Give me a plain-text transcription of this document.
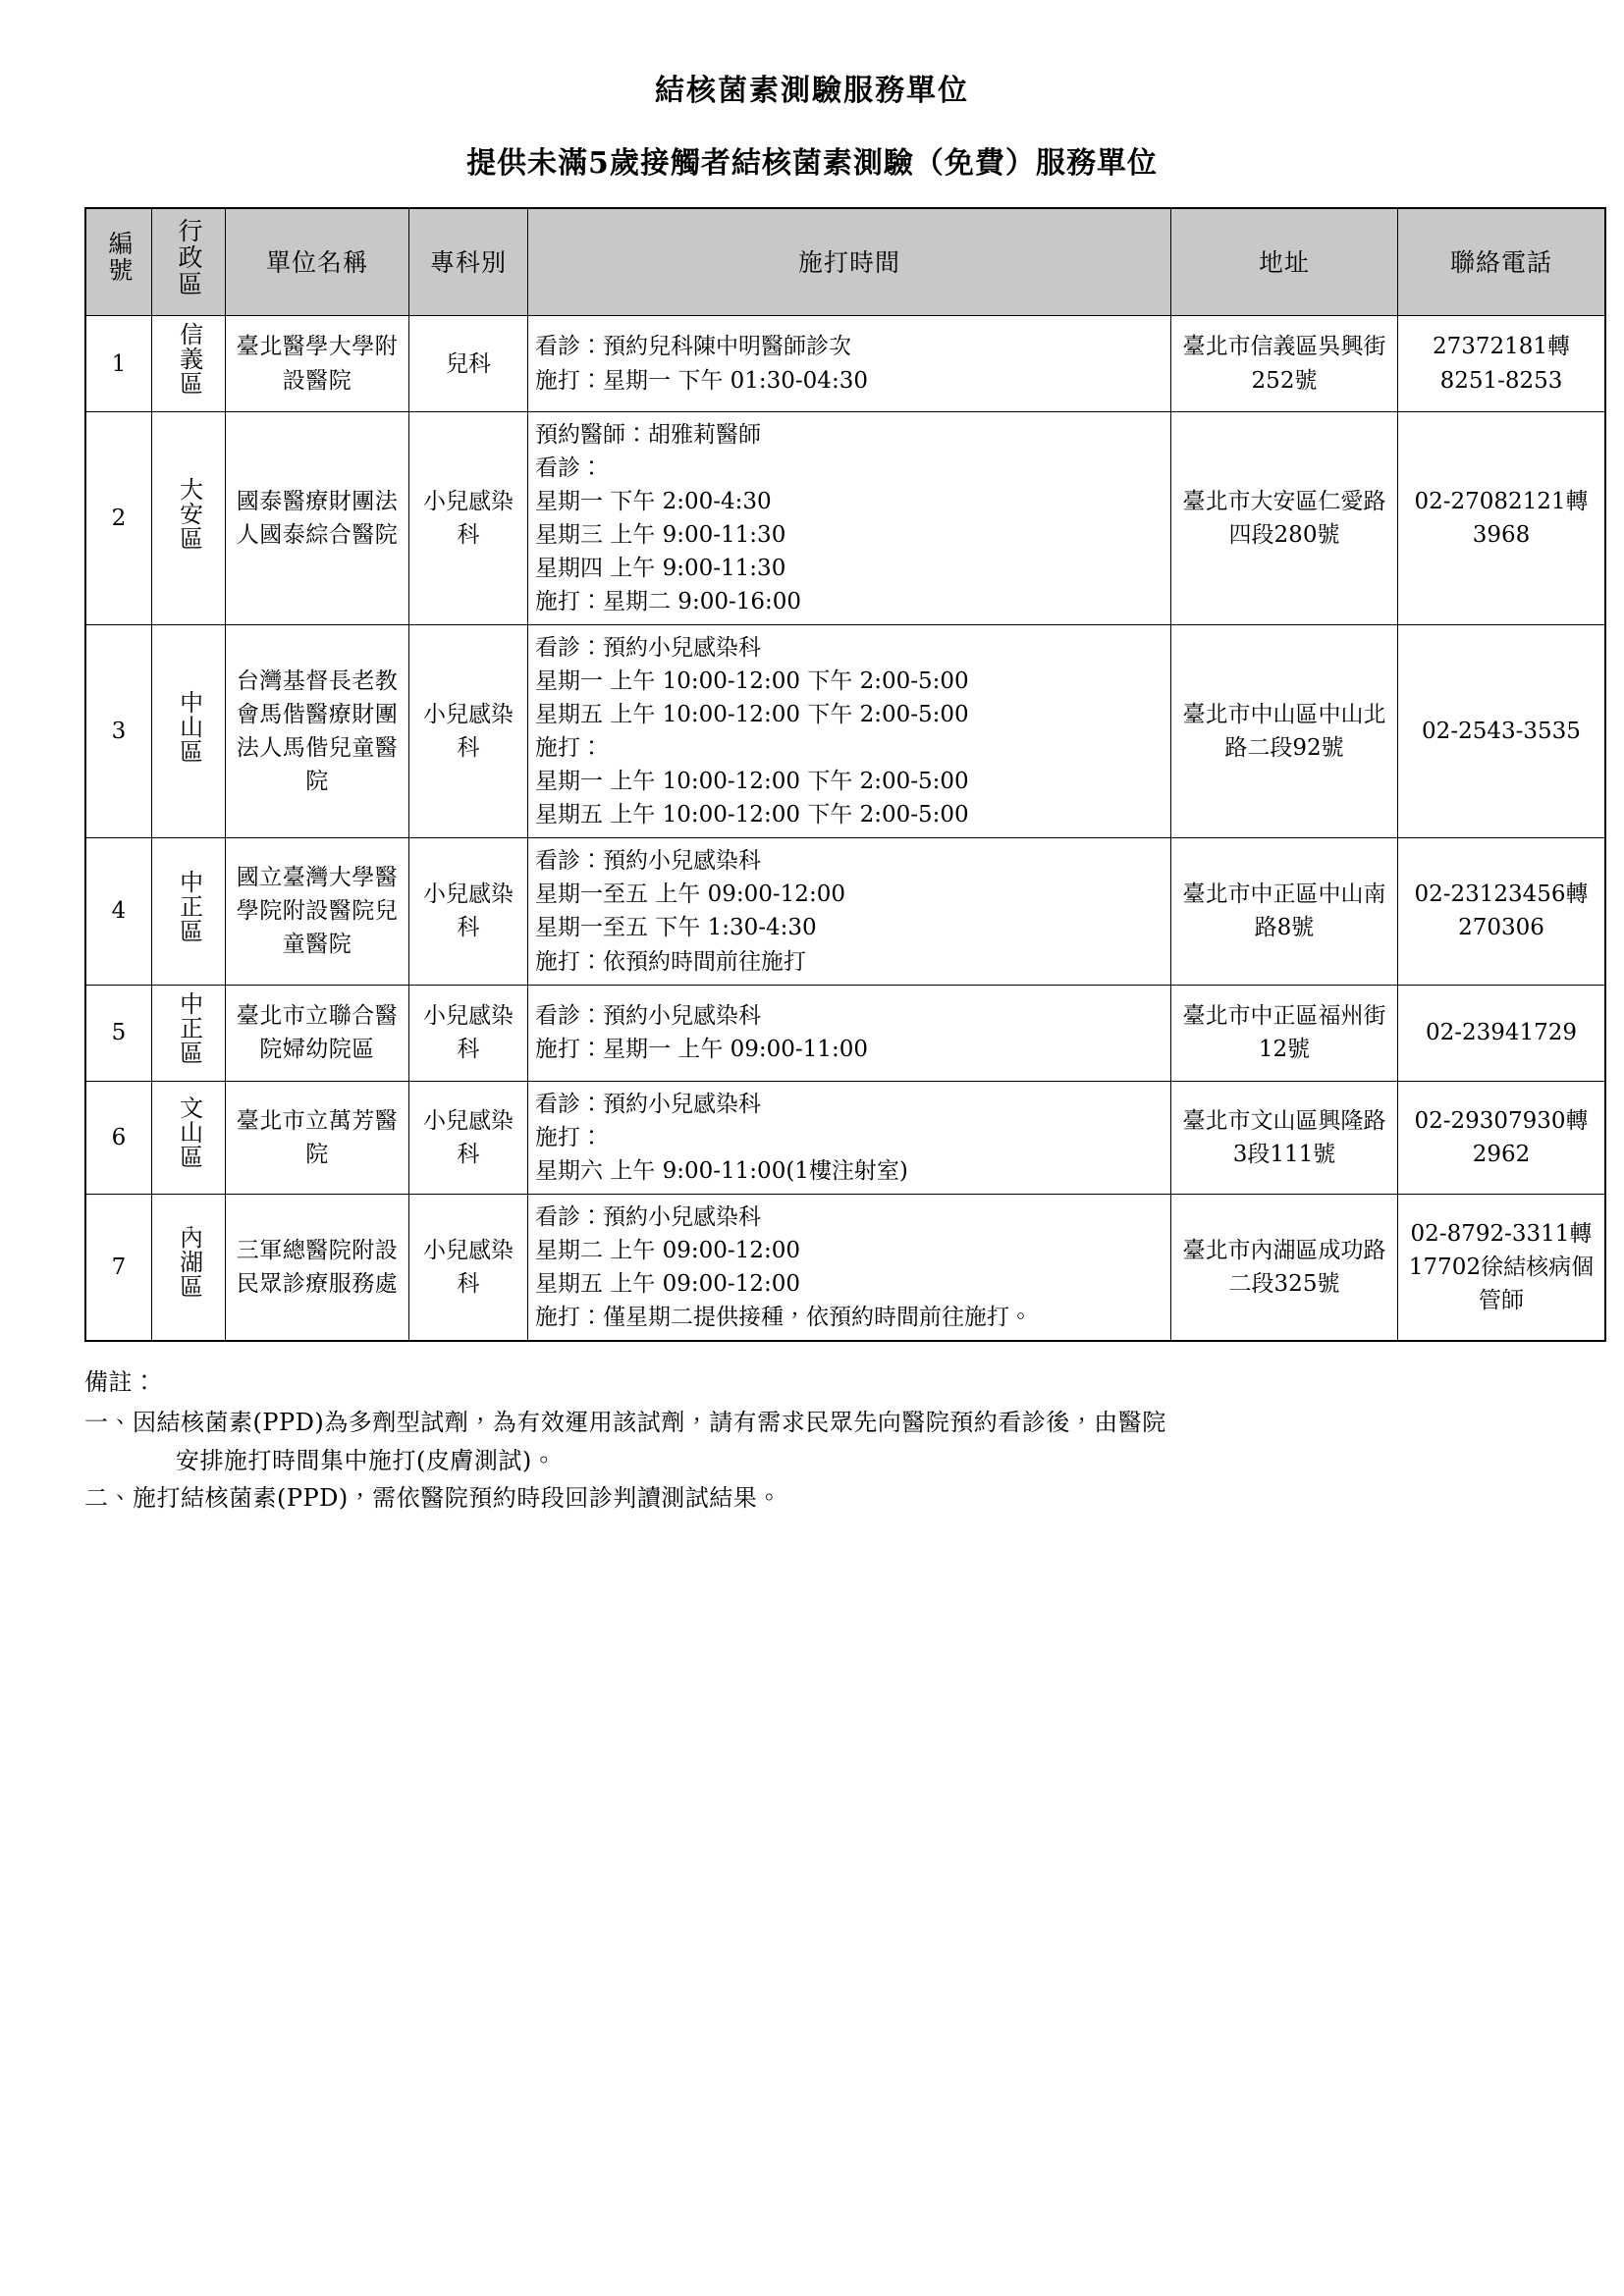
結核菌素測驗服務單位
提供未滿5歲接觸者結核菌素測驗（免費）服務單位
編號	行政區	單位名稱	專科別	施打時間	地址	聯絡電話
1	信義區	臺北醫學大學附設醫院	兒科	看診：預約兒科陳中明醫師診次
施打：星期一 下午 01:30-04:30	臺北市信義區吳興街252號	27372181轉8251-8253
2	大安區	國泰醫療財團法人國泰綜合醫院	小兒感染科	
預約醫師：胡雅莉醫師
看診：
星期一 下午 2:00-4:30
星期三 上午 9:00-11:30
星期四 上午 9:00-11:30
施打：星期二 9:00-16:00
	臺北市大安區仁愛路四段280號	02-27082121轉3968
3	中山區	台灣基督長老教會馬偕醫療財團法人馬偕兒童醫院	小兒感染科	
看診：預約小兒感染科
星期一 上午 10:00-12:00 下午 2:00-5:00
星期五 上午 10:00-12:00 下午 2:00-5:00
施打：
星期一 上午 10:00-12:00 下午 2:00-5:00
星期五 上午 10:00-12:00 下午 2:00-5:00
	臺北市中山區中山北路二段92號	02-2543-3535
4	中正區	國立臺灣大學醫學院附設醫院兒童醫院	小兒感染科	看診：預約小兒感染科
星期一至五 上午 09:00-12:00
星期一至五 下午 1:30-4:30
施打：依預約時間前往施打	臺北市中正區中山南路8號	02-23123456轉270306
5	中正區	臺北市立聯合醫院婦幼院區	小兒感染科	看診：預約小兒感染科
施打：星期一 上午 09:00-11:00	臺北市中正區福州街12號	02-23941729
6	文山區	臺北市立萬芳醫院	小兒感染科	看診：預約小兒感染科
施打：
星期六 上午 9:00-11:00(1樓注射室)	臺北市文山區興隆路3段111號	02-29307930轉2962
7	內湖區	三軍總醫院附設民眾診療服務處	小兒感染科	看診：預約小兒感染科
星期二 上午 09:00-12:00
星期五 上午 09:00-12:00
施打：僅星期二提供接種，依預約時間前往施打。	臺北市內湖區成功路二段325號	02-8792-3311轉17702徐結核病個管師

備註：

一、 因結核菌素(PPD)為多劑型試劑，為有效運用該試劑，請有需求民眾先向醫院預約看診後，由醫院
安排施打時間集中施打(皮膚測試)。

二、 施打結核菌素(PPD)，需依醫院預約時段回診判讀測試結果。
